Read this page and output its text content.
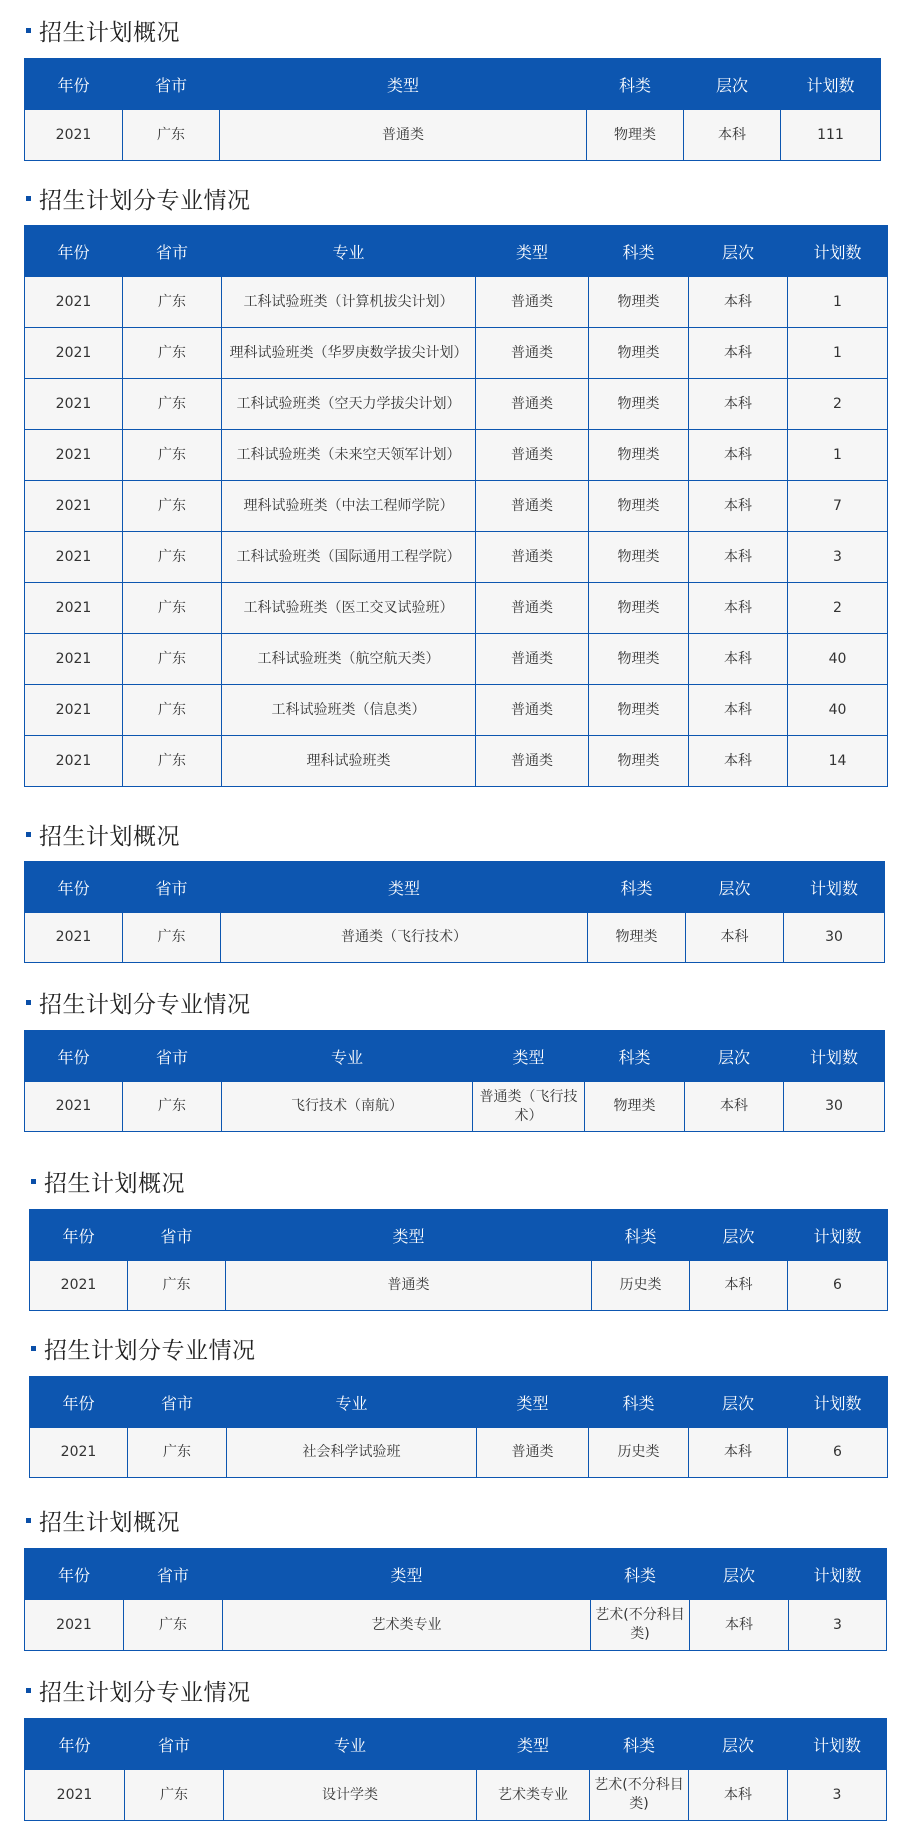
招生计划概况
年份	省市	类型	科类	层次	计划数
2021	广东	普通类	物理类	本科	111
招生计划分专业情况
年份	省市	专业	类型	科类	层次	计划数
2021	广东	工科试验班类（计算机拔尖计划）	普通类	物理类	本科	1
2021	广东	理科试验班类（华罗庚数学拔尖计划）	普通类	物理类	本科	1
2021	广东	工科试验班类（空天力学拔尖计划）	普通类	物理类	本科	2
2021	广东	工科试验班类（未来空天领军计划）	普通类	物理类	本科	1
2021	广东	理科试验班类（中法工程师学院）	普通类	物理类	本科	7
2021	广东	工科试验班类（国际通用工程学院）	普通类	物理类	本科	3
2021	广东	工科试验班类（医工交叉试验班）	普通类	物理类	本科	2
2021	广东	工科试验班类（航空航天类）	普通类	物理类	本科	40
2021	广东	工科试验班类（信息类）	普通类	物理类	本科	40
2021	广东	理科试验班类	普通类	物理类	本科	14
招生计划概况
年份	省市	类型	科类	层次	计划数
2021	广东	普通类（飞行技术）	物理类	本科	30
招生计划分专业情况
年份	省市	专业	类型	科类	层次	计划数
2021	广东	飞行技术（南航）	普通类（飞行技术）	物理类	本科	30
招生计划概况
年份	省市	类型	科类	层次	计划数
2021	广东	普通类	历史类	本科	6
招生计划分专业情况
年份	省市	专业	类型	科类	层次	计划数
2021	广东	社会科学试验班	普通类	历史类	本科	6
招生计划概况
年份	省市	类型	科类	层次	计划数
2021	广东	艺术类专业	艺术(不分科目类)	本科	3
招生计划分专业情况
年份	省市	专业	类型	科类	层次	计划数
2021	广东	设计学类	艺术类专业	艺术(不分科目类)	本科	3
